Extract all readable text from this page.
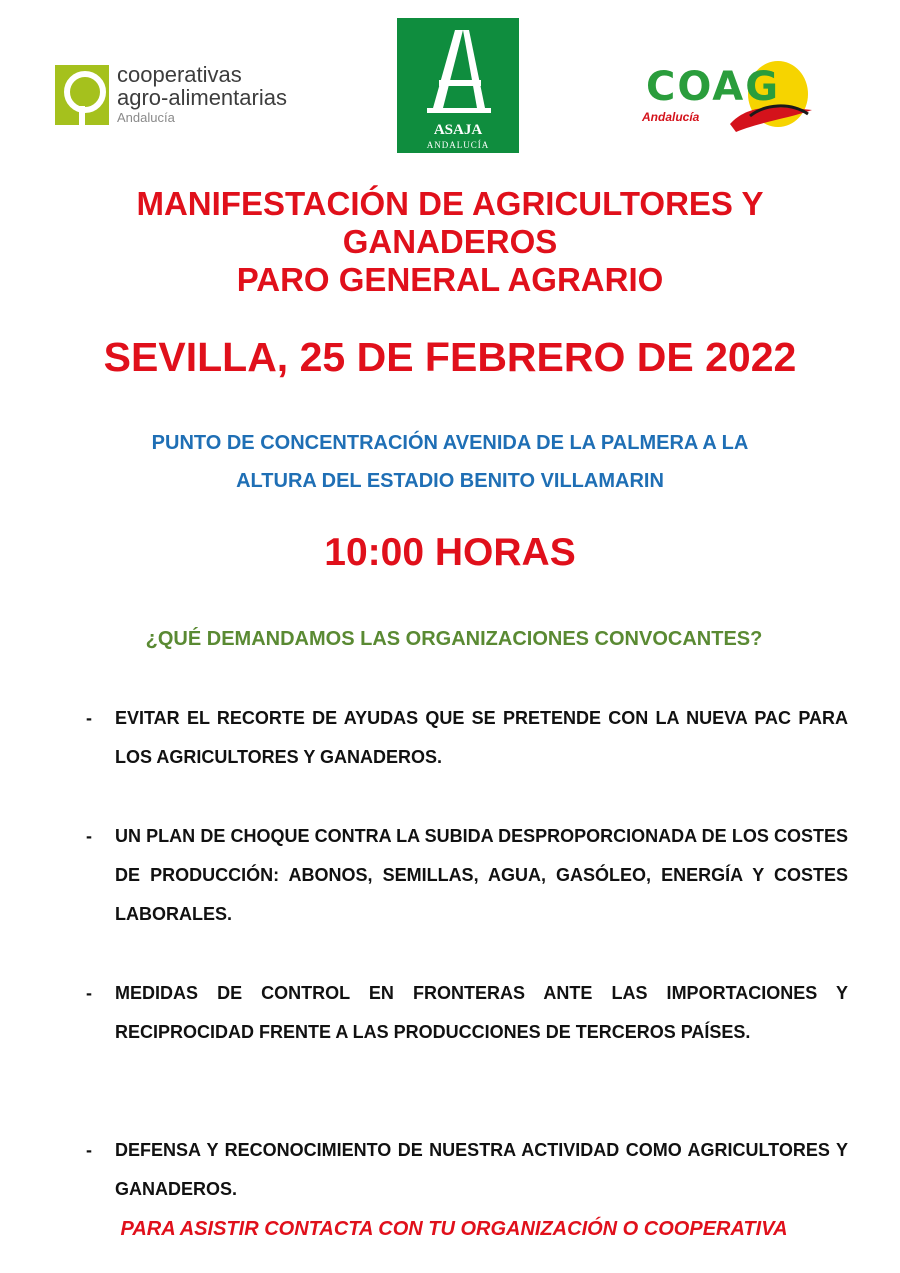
cooperativas
agro-alimentarias
Andalucía
ASAJA
ANDALUCÍA
COAG
Andalucía
MANIFESTACIÓN DE AGRICULTORES Y
GANADEROS
PARO GENERAL AGRARIO
SEVILLA, 25 DE FEBRERO DE 2022
PUNTO DE CONCENTRACIÓN AVENIDA DE LA PALMERA A LA
ALTURA DEL ESTADIO BENITO VILLAMARIN
10:00 HORAS
¿QUÉ DEMANDAMOS LAS ORGANIZACIONES CONVOCANTES?
- EVITAR EL RECORTE DE AYUDAS QUE SE PRETENDE CON LA NUEVA PAC PARA LOS AGRICULTORES Y GANADEROS.
- UN PLAN DE CHOQUE CONTRA LA SUBIDA DESPROPORCIONADA DE LOS COSTES DE PRODUCCIÓN: ABONOS, SEMILLAS, AGUA, GASÓLEO, ENERGÍA Y COSTES LABORALES.
- MEDIDAS DE CONTROL EN FRONTERAS ANTE LAS IMPORTACIONES Y RECIPROCIDAD FRENTE A LAS PRODUCCIONES DE TERCEROS PAÍSES.
- DEFENSA Y RECONOCIMIENTO DE NUESTRA ACTIVIDAD COMO AGRICULTORES Y GANADEROS.
PARA ASISTIR CONTACTA CON TU ORGANIZACIÓN O COOPERATIVA
